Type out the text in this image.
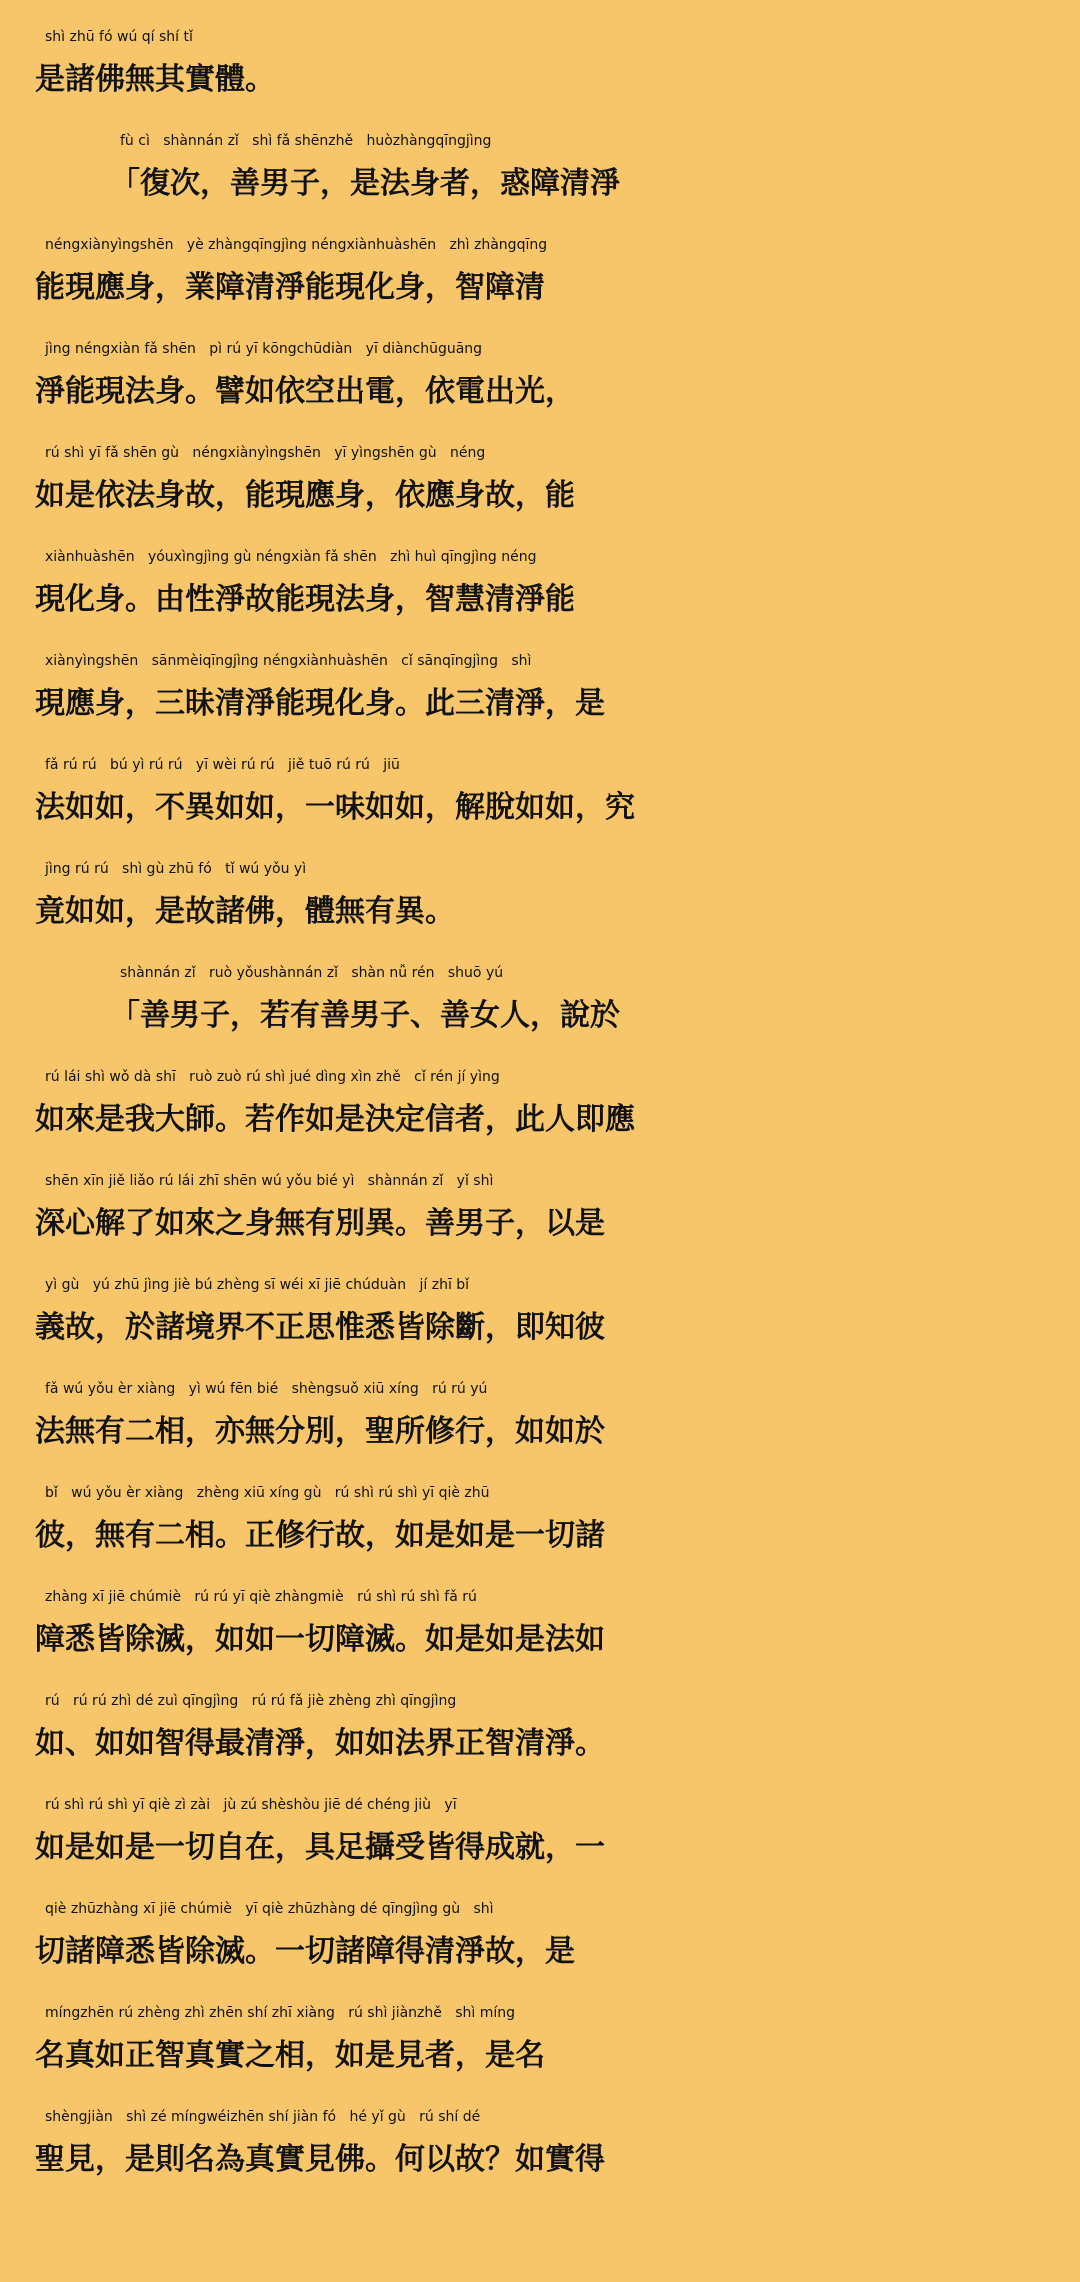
shì zhū fó wú qí shí tǐ
是諸佛無其實體。
fù cì   shànnán zǐ   shì fǎ shēnzhě   huòzhàngqīngjìng
「復次，善男子，是法身者，惑障清淨
néngxiànyìngshēn   yè zhàngqīngjìng néngxiànhuàshēn   zhì zhàngqīng
能現應身，業障清淨能現化身，智障清
jìng néngxiàn fǎ shēn   pì rú yī kōngchūdiàn   yī diànchūguāng
淨能現法身。譬如依空出電，依電出光，
rú shì yī fǎ shēn gù   néngxiànyìngshēn   yī yìngshēn gù   néng
如是依法身故，能現應身，依應身故，能
xiànhuàshēn   yóuxìngjìng gù néngxiàn fǎ shēn   zhì huì qīngjìng néng
現化身。由性淨故能現法身，智慧清淨能
xiànyìngshēn   sānmèiqīngjìng néngxiànhuàshēn   cǐ sānqīngjìng   shì
現應身，三昧清淨能現化身。此三清淨，是
fǎ rú rú   bú yì rú rú   yī wèi rú rú   jiě tuō rú rú   jiū
法如如，不異如如，一味如如，解脫如如，究
jìng rú rú   shì gù zhū fó   tǐ wú yǒu yì
竟如如，是故諸佛，體無有異。
shànnán zǐ   ruò yǒushànnán zǐ   shàn nǚ rén   shuō yú
「善男子，若有善男子、善女人，說於
rú lái shì wǒ dà shī   ruò zuò rú shì jué dìng xìn zhě   cǐ rén jí yìng
如來是我大師。若作如是決定信者，此人即應
shēn xīn jiě liǎo rú lái zhī shēn wú yǒu bié yì   shànnán zǐ   yǐ shì
深心解了如來之身無有別異。善男子，以是
yì gù   yú zhū jìng jiè bú zhèng sī wéi xī jiē chúduàn   jí zhī bǐ
義故，於諸境界不正思惟悉皆除斷，即知彼
fǎ wú yǒu èr xiàng   yì wú fēn bié   shèngsuǒ xiū xíng   rú rú yú
法無有二相，亦無分別，聖所修行，如如於
bǐ   wú yǒu èr xiàng   zhèng xiū xíng gù   rú shì rú shì yī qiè zhū
彼，無有二相。正修行故，如是如是一切諸
zhàng xī jiē chúmiè   rú rú yī qiè zhàngmiè   rú shì rú shì fǎ rú
障悉皆除滅，如如一切障滅。如是如是法如
rú   rú rú zhì dé zuì qīngjìng   rú rú fǎ jiè zhèng zhì qīngjìng
如、如如智得最清淨，如如法界正智清淨。
rú shì rú shì yī qiè zì zài   jù zú shèshòu jiē dé chéng jiù   yī
如是如是一切自在，具足攝受皆得成就，一
qiè zhūzhàng xī jiē chúmiè   yī qiè zhūzhàng dé qīngjìng gù   shì
切諸障悉皆除滅。一切諸障得清淨故，是
míngzhēn rú zhèng zhì zhēn shí zhī xiàng   rú shì jiànzhě   shì míng
名真如正智真實之相，如是見者，是名
shèngjiàn   shì zé míngwéizhēn shí jiàn fó   hé yǐ gù   rú shí dé
聖見，是則名為真實見佛。何以故？如實得
